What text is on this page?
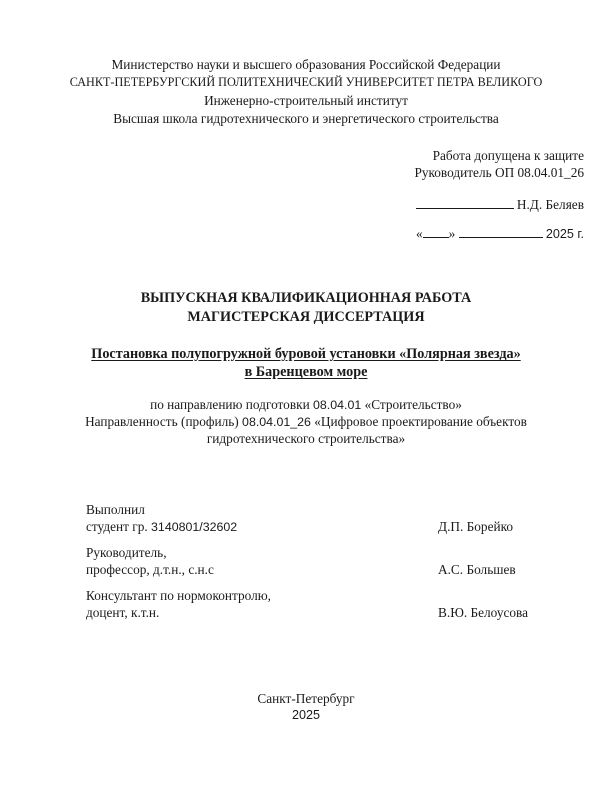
Министерство науки и высшего образования Российской Федерации
САНКТ-ПЕТЕРБУРГСКИЙ ПОЛИТЕХНИЧЕСКИЙ УНИВЕРСИТЕТ ПЕТРА ВЕЛИКОГО
Инженерно-строительный институт
Высшая школа гидротехнического и энергетического строительства
Работа допущена к защите
Руководитель ОП 08.04.01_26
Н.Д. Беляев
« »	2025 г.
ВЫПУСКНАЯ КВАЛИФИКАЦИОННАЯ РАБОТА
МАГИСТЕРСКАЯ ДИССЕРТАЦИЯ
Постановка полупогружной буровой установки «Полярная звезда»
в Баренцевом море
по направлению подготовки 08.04.01 «Строительство»
Направленность (профиль) 08.04.01_26 «Цифровое проектирование объектов
гидротехнического строительства»
Выполнил
студент гр. 3140801/32602	Д.П. Борейко
Руководитель,
профессор, д.т.н., с.н.с	А.С. Большев
Консультант по нормоконтролю,
доцент, к.т.н.	В.Ю. Белоусова
Санкт-Петербург
2025
